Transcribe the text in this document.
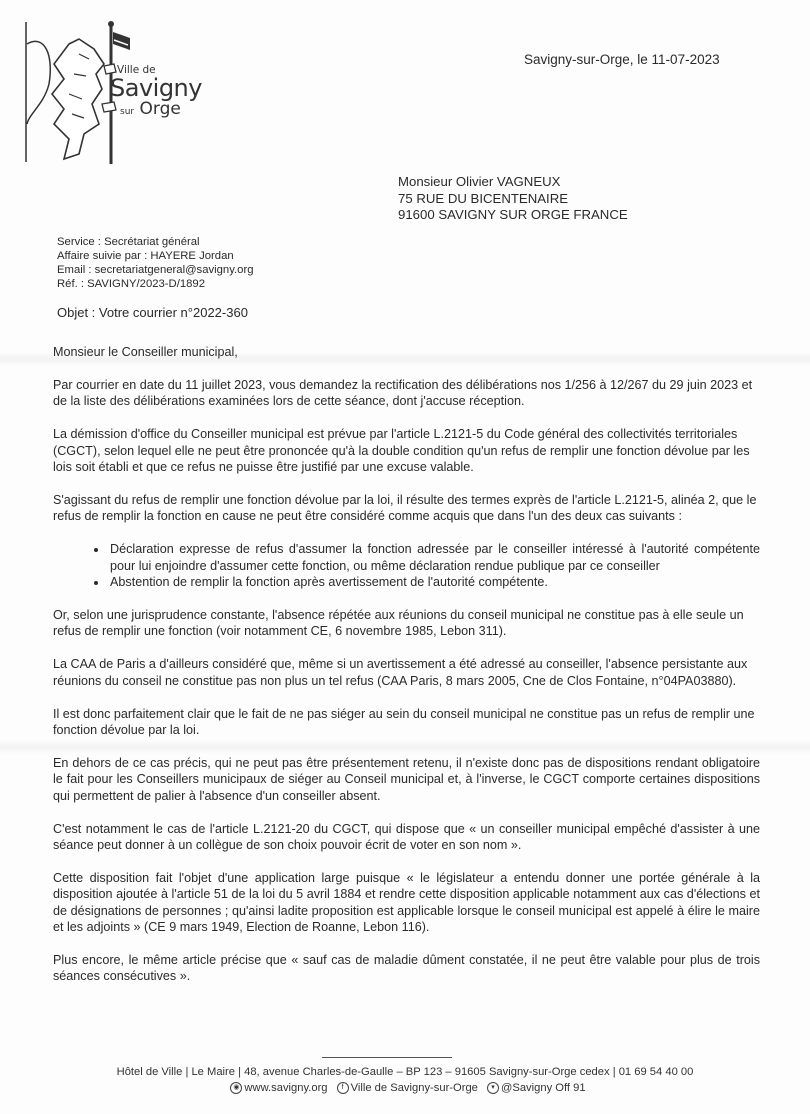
Ville de
Savigny
sur Orge
Savigny-sur-Orge, le 11-07-2023
Monsieur Olivier VAGNEUX
75 RUE DU BICENTENAIRE
91600 SAVIGNY SUR ORGE FRANCE
Service : Secrétariat général
Affaire suivie par : HAYERE Jordan
Email : secretariatgeneral@savigny.org
Réf. : SAVIGNY/2023-D/1892
Objet : Votre courrier n°2022-360

Monsieur le Conseiller municipal,

Par courrier en date du 11 juillet 2023, vous demandez la rectification des délibérations nos 1/256 à 12/267 du 29 juin 2023 et de la liste des délibérations examinées lors de cette séance, dont j'accuse réception.

La démission d'office du Conseiller municipal est prévue par l'article L.2121-5 du Code général des collectivités territoriales (CGCT), selon lequel elle ne peut être prononcée qu'à la double condition qu'un refus de remplir une fonction dévolue par les lois soit établi et que ce refus ne puisse être justifié par une excuse valable.

S'agissant du refus de remplir une fonction dévolue par la loi, il résulte des termes exprès de l'article L.2121-5, alinéa 2, que le refus de remplir la fonction en cause ne peut être considéré comme acquis que dans l'un des deux cas suivants :

• Déclaration expresse de refus d'assumer la fonction adressée par le conseiller intéressé à l'autorité compétente pour lui enjoindre d'assumer cette fonction, ou même déclaration rendue publique par ce conseiller
• Abstention de remplir la fonction après avertissement de l'autorité compétente.

Or, selon une jurisprudence constante, l'absence répétée aux réunions du conseil municipal ne constitue pas à elle seule un refus de remplir une fonction (voir notamment CE, 6 novembre 1985, Lebon 311).

La CAA de Paris a d'ailleurs considéré que, même si un avertissement a été adressé au conseiller, l'absence persistante aux réunions du conseil ne constitue pas non plus un tel refus (CAA Paris, 8 mars 2005, Cne de Clos Fontaine, n°04PA03880).

Il est donc parfaitement clair que le fait de ne pas siéger au sein du conseil municipal ne constitue pas un refus de remplir une fonction dévolue par la loi.

En dehors de ce cas précis, qui ne peut pas être présentement retenu, il n'existe donc pas de dispositions rendant obligatoire le fait pour les Conseillers municipaux de siéger au Conseil municipal et, à l'inverse, le CGCT comporte certaines dispositions qui permettent de palier à l'absence d'un conseiller absent.

C'est notamment le cas de l'article L.2121-20 du CGCT, qui dispose que « un conseiller municipal empêché d'assister à une séance peut donner à un collègue de son choix pouvoir écrit de voter en son nom ».

Cette disposition fait l'objet d'une application large puisque « le législateur a entendu donner une portée générale à la disposition ajoutée à l'article 51 de la loi du 5 avril 1884 et rendre cette disposition applicable notamment aux cas d'élections et de désignations de personnes ; qu'ainsi ladite proposition est applicable lorsque le conseil municipal est appelé à élire le maire et les adjoints » (CE 9 mars 1949, Election de Roanne, Lebon 116).

Plus encore, le même article précise que « sauf cas de maladie dûment constatée, il ne peut être valable pour plus de trois séances consécutives ».

Hôtel de Ville | Le Maire | 48, avenue Charles-de-Gaulle – BP 123 – 91605 Savigny-sur-Orge cedex | 01 69 54 40 00
◉ www.savigny.org f Ville de Savigny-sur-Orge ▾ @Savigny Off 91
